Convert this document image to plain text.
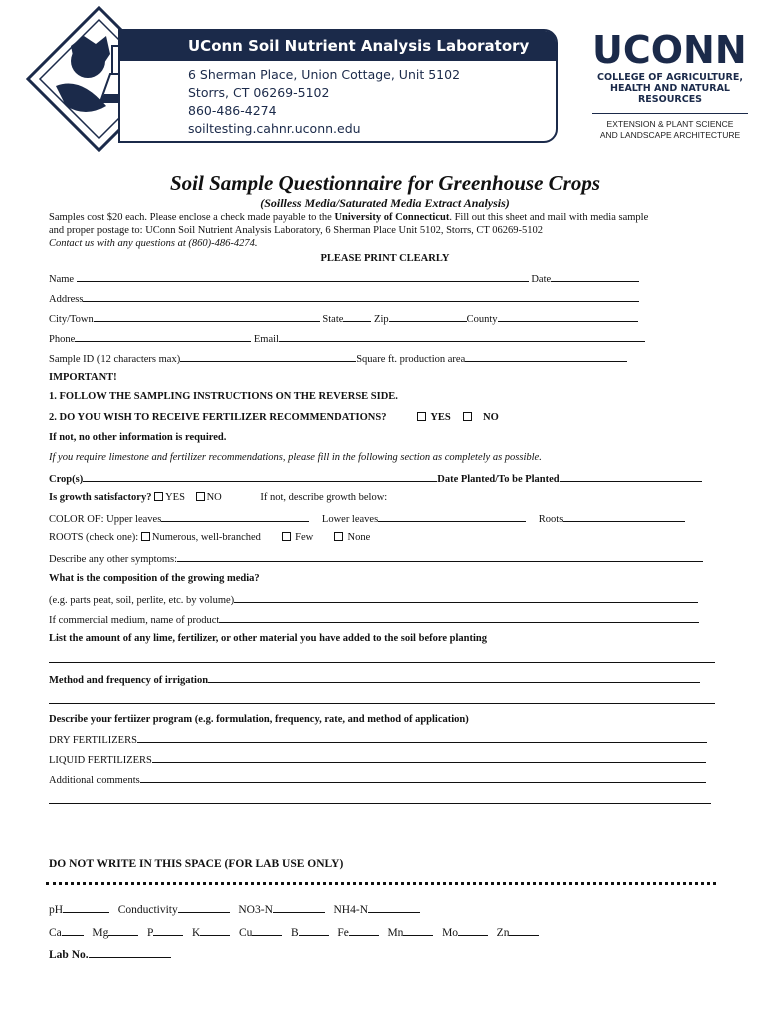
UConn Soil Nutrient Analysis Laboratory
6 Sherman Place, Union Cottage, Unit 5102
Storrs, CT 06269-5102
860-486-4274
soiltesting.cahnr.uconn.edu
UCONN
COLLEGE OF AGRICULTURE,
HEALTH AND NATURAL
RESOURCES
EXTENSION & PLANT SCIENCE
AND LANDSCAPE ARCHITECTURE
Soil Sample Questionnaire for Greenhouse Crops
(Soilless Media/Saturated Media Extract Analysis)
Samples cost $20 each. Please enclose a check made payable to the University of Connecticut. Fill out this sheet and mail with media sample
and proper postage to: UConn Soil Nutrient Analysis Laboratory, 6 Sherman Place Unit 5102, Storrs, CT 06269-5102
Contact us with any questions at (860)-486-4274.
PLEASE PRINT CLEARLY
Name	Date
Address
City/Town	State	Zip	County
Phone	Email
Sample ID (12 characters max)	Square ft. production area
IMPORTANT!
1. FOLLOW THE SAMPLING INSTRUCTIONS ON THE REVERSE SIDE.
2. DO YOU WISH TO RECEIVE FERTILIZER RECOMMENDATIONS?	YES	NO
If not, no other information is required.
If you require limestone and fertilizer recommendations, please fill in the following section as completely as possible.
Crop(s)	Date Planted/To be Planted
Is growth satisfactory? YES NO	If not, describe growth below:
COLOR OF: Upper leaves	Lower leaves	Roots
ROOTS (check one): Numerous, well-branched	Few	None
Describe any other symptoms:
What is the composition of the growing media?
(e.g. parts peat, soil, perlite, etc. by volume)
If commercial medium, name of product
List the amount of any lime, fertilizer, or other material you have added to the soil before planting
Method and frequency of irrigation
Describe your fertiizer program (e.g. formulation, frequency, rate, and method of application)
DRY FERTILIZERS
LIQUID FERTILIZERS
Additional comments
DO NOT WRITE IN THIS SPACE (FOR LAB USE ONLY)
pH	Conductivity	NO3-N	NH4-N
Ca	Mg	P	K	Cu	B	Fe	Mn	Mo	Zn
Lab No.
